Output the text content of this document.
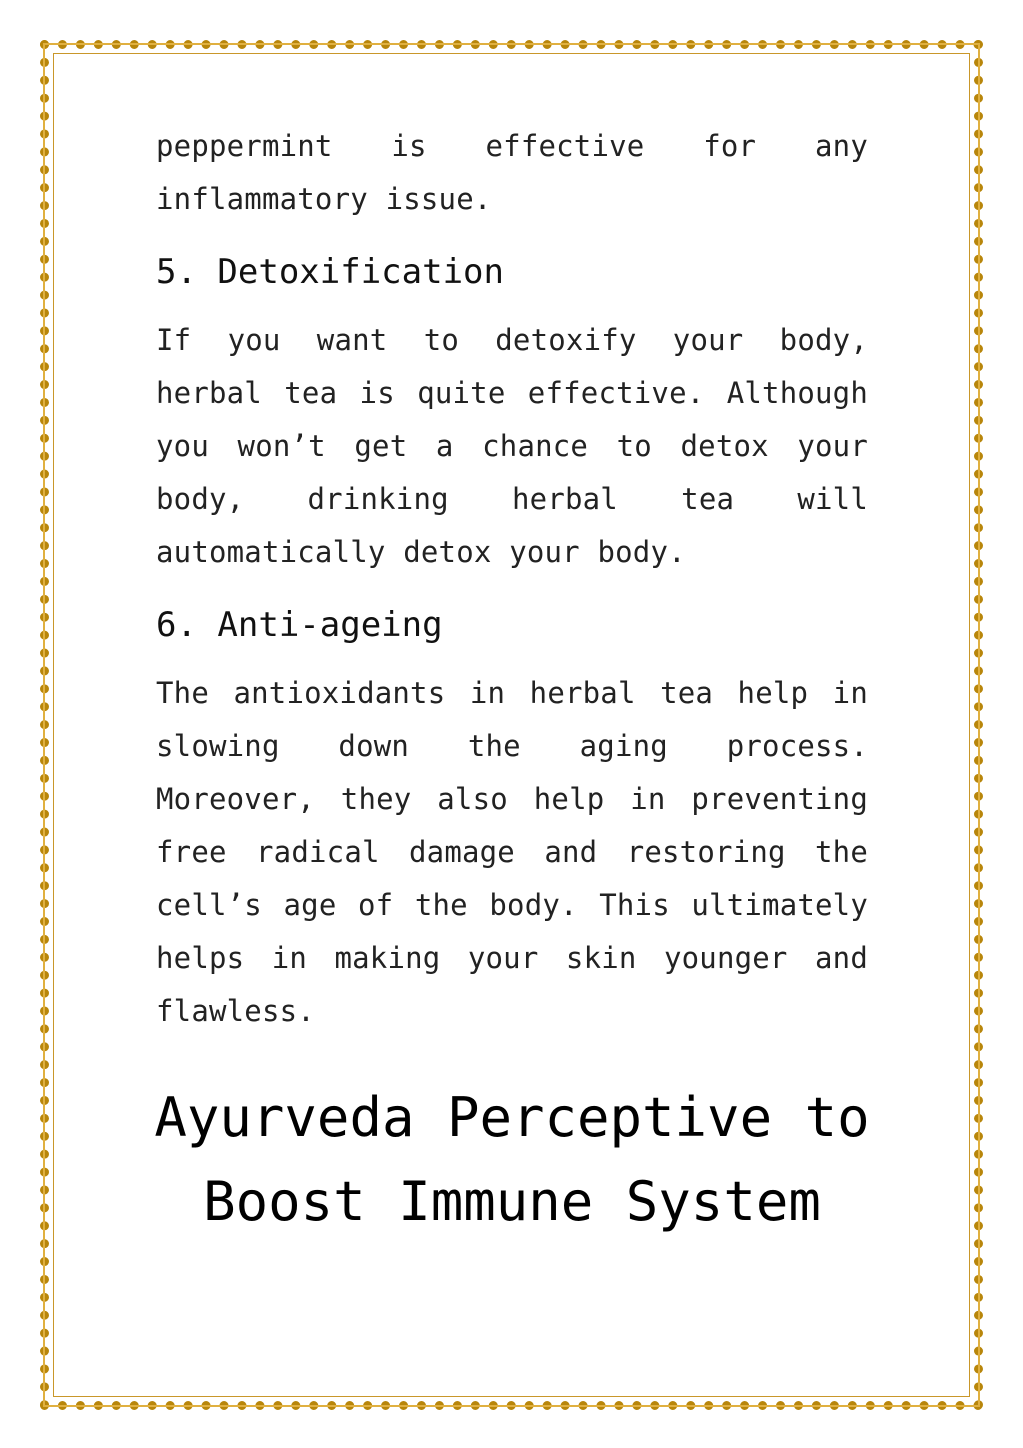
peppermint is effective for any inflammatory issue.

5. Detoxification

If you want to detoxify your body, herbal tea is quite effective. Although you won’t get a chance to detox your body, drinking herbal tea will automatically detox your body.

6. Anti-ageing

The antioxidants in herbal tea help in slowing down the aging process. Moreover, they also help in preventing free radical damage and restoring the cell’s age of the body. This ultimately helps in making your skin younger and flawless.

Ayurveda Perceptive to
Boost Immune System
